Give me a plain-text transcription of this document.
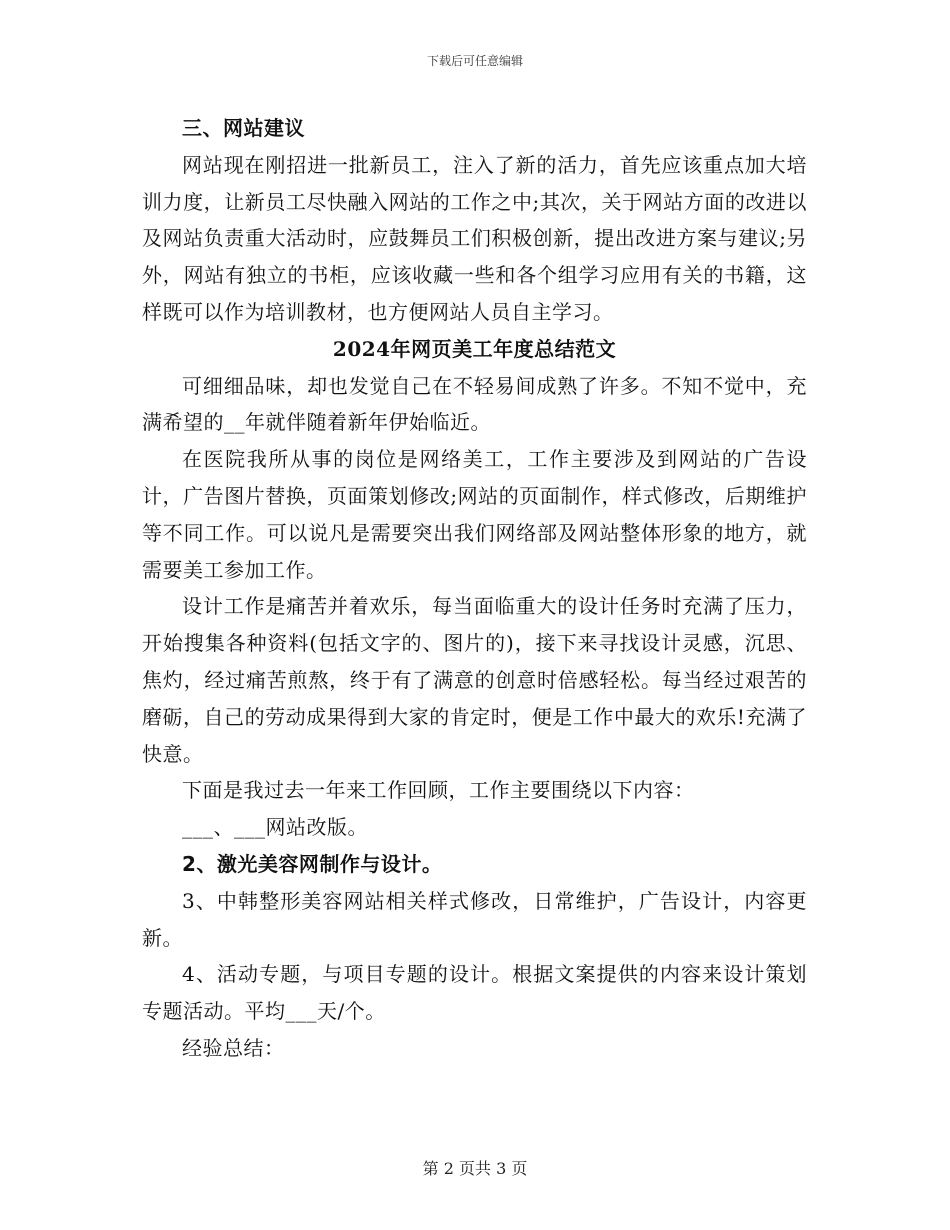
下载后可任意编辑

三、网站建议

网站现在刚招进一批新员工，注入了新的活力，首先应该重点加大培训力度，让新员工尽快融入网站的工作之中;其次，关于网站方面的改进以及网站负责重大活动时，应鼓舞员工们积极创新，提出改进方案与建议;另外，网站有独立的书柜，应该收藏一些和各个组学习应用有关的书籍，这样既可以作为培训教材，也方便网站人员自主学习。

2024年网页美工年度总结范文

可细细品味，却也发觉自己在不轻易间成熟了许多。不知不觉中，充满希望的__年就伴随着新年伊始临近。

在医院我所从事的岗位是网络美工，工作主要涉及到网站的广告设计，广告图片替换，页面策划修改;网站的页面制作，样式修改，后期维护等不同工作。可以说凡是需要突出我们网络部及网站整体形象的地方，就需要美工参加工作。

设计工作是痛苦并着欢乐，每当面临重大的设计任务时充满了压力，开始搜集各种资料(包括文字的、图片的)，接下来寻找设计灵感，沉思、焦灼，经过痛苦煎熬，终于有了满意的创意时倍感轻松。每当经过艰苦的磨砺，自己的劳动成果得到大家的肯定时，便是工作中最大的欢乐!充满了快意。

下面是我过去一年来工作回顾，工作主要围绕以下内容：

___、___网站改版。

2、激光美容网制作与设计。

3、中韩整形美容网站相关样式修改，日常维护，广告设计，内容更新。

4、活动专题，与项目专题的设计。根据文案提供的内容来设计策划专题活动。平均___天/个。

经验总结：

第 2 页共 3 页
